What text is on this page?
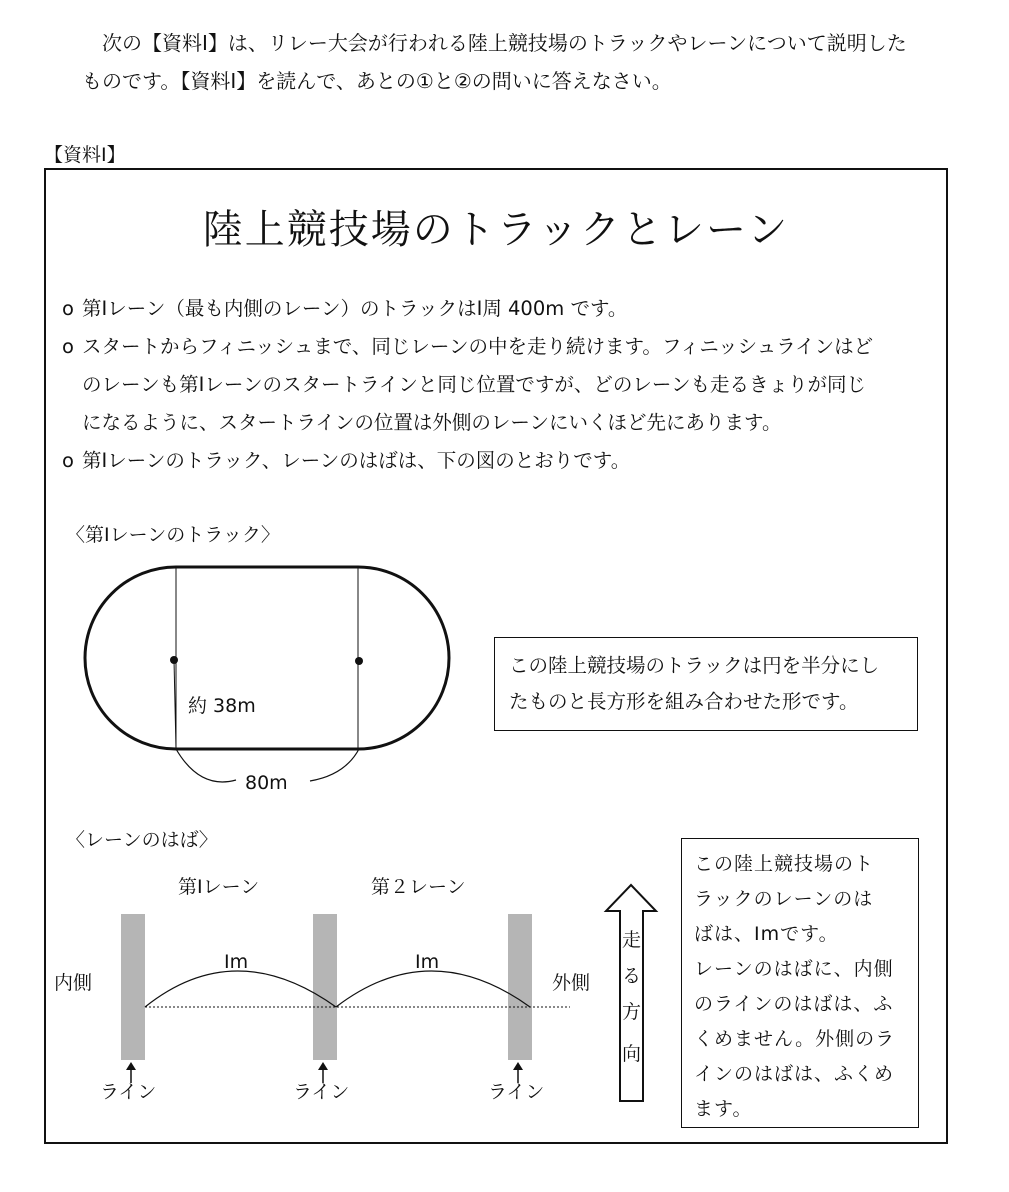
次の【資料Ⅰ】は、リレー大会が行われる陸上競技場のトラックやレーンについて説明した
ものです。【資料Ⅰ】を読んで、あとの①と②の問いに答えなさい。
【資料Ⅰ】
陸上競技場のトラックとレーン
o 第Ⅰレーン（最も内側のレーン）のトラックはⅠ周 400m です。
o スタートからフィニッシュまで、同じレーンの中を走り続けます。フィニッシュラインはど
のレーンも第Ⅰレーンのスタートラインと同じ位置ですが、どのレーンも走るきょりが同じ
になるように、スタートラインの位置は外側のレーンにいくほど先にあります。
o 第Ⅰレーンのトラック、レーンのはばは、下の図のとおりです。
〈第Ⅰレーンのトラック〉
約 38m
80m
第Ⅰレーン	第２レーン
Ⅰm	Ⅰm
内側	外側
ライン	ライン	ライン
走
る
方
向
この陸上競技場のトラックは円を半分にし
たものと長方形を組み合わせた形です。
〈レーンのはば〉
この陸上競技場のト
ラックのレーンのは
ばは、Ⅰmです。
レーンのはばに、内側
のラインのはばは、ふ
くめません。外側のラ
インのはばは、ふくめ
ます。
